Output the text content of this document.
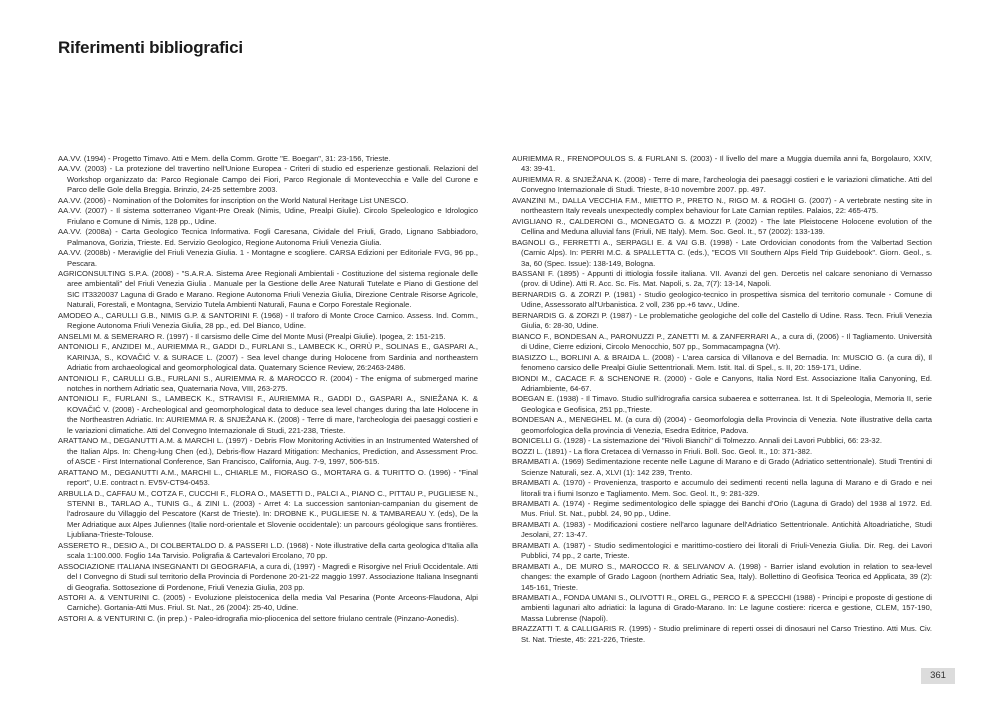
Riferimenti bibliografici

AA.VV. (1994) - Progetto Timavo. Atti e Mem. della Comm. Grotte "E. Boegan", 31: 23-156, Trieste.

AA.VV. (2003) - La protezione del travertino nell'Unione Europea - Criteri di studio ed esperienze gestionali. Relazioni del Workshop organizzato da: Parco Regionale Campo dei Fiori, Parco Regionale di Montevecchia e Valle del Curone e Parco delle Gole della Breggia. Brinzio, 24-25 settembre 2003.

AA.VV. (2006) - Nomination of the Dolomites for inscription on the World Natural Heritage List UNESCO.

AA.VV. (2007) - Il sistema sotterraneo Vigant-Pre Oreak (Nimis, Udine, Prealpi Giulie). Circolo Speleologico e Idrologico Friulano e Comune di Nimis, 128 pp., Udine.

AA.VV. (2008a) - Carta Geologico Tecnica Informativa. Fogli Caresana, Cividale del Friuli, Grado, Lignano Sabbiadoro, Palmanova, Gorizia, Trieste. Ed. Servizio Geologico, Regione Autonoma Friuli Venezia Giulia.

AA.VV. (2008b) - Meraviglie del Friuli Venezia Giulia. 1 - Montagne e scogliere. CARSA Edizioni per Editoriale FVG, 96 pp., Pescara.

AGRICONSULTING S.P.A. (2008) - "S.A.R.A. Sistema Aree Regionali Ambientali - Costituzione del sistema regionale delle aree ambientali" del Friuli Venezia Giulia . Manuale per la Gestione delle Aree Naturali Tutelate e Piano di Gestione del SIC IT3320037 Laguna di Grado e Marano. Regione Autonoma Friuli Venezia Giulia, Direzione Centrale Risorse Agricole, Naturali, Forestali, e Montagna, Servizio Tutela Ambienti Naturali, Fauna e Corpo Forestale Regionale.

AMODEO A., CARULLI G.B., NIMIS G.P. & SANTORINI F. (1968) - Il traforo di Monte Croce Carnico. Assess. Ind. Comm., Regione Autonoma Friuli Venezia Giulia, 28 pp., ed. Del Bianco, Udine.

ANSELMI M. & SEMERARO R. (1997) - Il carsismo delle Cime del Monte Musi (Prealpi Giulie). Ipogea, 2: 151-215.

ANTONIOLI F., ANZIDEI M., AURIEMMA R., GADDI D., FURLANI S., LAMBECK K., ORRÙ P., SOLINAS E., GASPARI A., KARINJA, S., KOVAČIĆ V. & SURACE L. (2007) - Sea level change during Holocene from Sardinia and northeastern Adriatic from archaeological and geomorphological data. Quaternary Science Review, 26:2463-2486.

ANTONIOLI F., CARULLI G.B., FURLANI S., AURIEMMA R. & MAROCCO R. (2004) - The enigma of submerged marine notches in northern Adriatic sea, Quaternaria Nova, VIII, 263-275.

ANTONIOLI F., FURLANI S., LAMBECK K., STRAVISI F., AURIEMMA R., GADDI D., GASPARI A., SNIEŽANA K. & KOVAČIĆ V. (2008) - Archeological and geomorphological data to deduce sea level changes during tha late Holocene in the Northeastren Adriatic. In: AURIEMMA R. & SNJEŽANA K. (2008) - Terre di mare, l'archeologia dei paesaggi costieri e le variazioni climatiche. Atti del Convegno Internazionale di Studi, 221-238, Trieste.

ARATTANO M., DEGANUTTI A.M. & MARCHI L. (1997) - Debris Flow Monitoring Activities in an Instrumented Watershed of the Italian Alps. In: Cheng-lung Chen (ed.), Debris-flow Hazard Mitigation: Mechanics, Prediction, and Assessment Proc. of ASCE - First International Conference, San Francisco, California, Aug. 7-9, 1997, 506-515.

ARATTANO M., DEGANUTTI A.M., MARCHI L., CHIARLE M., FIORASO G., MORTARA G. & TURITTO O. (1996) - "Final report", U.E. contract n. EV5V-CT94-0453.

ARBULLA D., CAFFAU M., COTZA F., CUCCHI F., FLORA O., MASETTI D., PALCI A., PIANO C., PITTAU P., PUGLIESE N., STENNI B., TARLAO A., TUNIS G., & ZINI L. (2003) - Arret 4: La succession santonian-campanian du gisement de l'adrosaure du Villaggio del Pescatore (Karst de Trieste). In: DROBNE K., PUGLIESE N. & TAMBAREAU Y. (eds), De la Mer Adriatique aux Alpes Juliennes (Italie nord-orientale et Slovenie occidentale): un parcours géologique sans frontières. Ljubliana-Trieste-Tolouse.

ASSERETO R., DESIO A., DI COLBERTALDO D. & PASSERI L.D. (1968) - Note illustrative della carta geologica d'Italia alla scala 1:100.000. Foglio 14a Tarvisio. Poligrafia & Cartevalori Ercolano, 70 pp.

ASSOCIAZIONE ITALIANA INSEGNANTI DI GEOGRAFIA, a cura di, (1997) - Magredi e Risorgive nel Friuli Occidentale. Atti del I Convegno di Studi sul territorio della Provincia di Pordenone 20-21-22 maggio 1997. Associazione Italiana Insegnanti di Geografia. Sottosezione di Pordenone, Friuli Venezia Giulia, 203 pp.

ASTORI A. & VENTURINI C. (2005) - Evoluzione pleistocenica della media Val Pesarina (Ponte Arceons-Flaudona, Alpi Carniche). Gortania-Atti Mus. Friul. St. Nat., 26 (2004): 25-40, Udine.

ASTORI A. & VENTURINI C. (in prep.) - Paleo-idrografia mio-pliocenica del settore friulano centrale (Pinzano-Aonedis).

AURIEMMA R., FRENOPOULOS S. & FURLANI S. (2003) - Il livello del mare a Muggia duemila anni fa, Borgolauro, XXIV, 43: 39-41.

AURIEMMA R. & SNJEŽANA K. (2008) - Terre di mare, l'archeologia dei paesaggi costieri e le variazioni climatiche. Atti del Convegno Internazionale di Studi. Trieste, 8-10 novembre 2007. pp. 497.

AVANZINI M., DALLA VECCHIA F.M., MIETTO P., PRETO N., RIGO M. & ROGHI G. (2007) - A vertebrate nesting site in northeastern Italy reveals unexpectedly complex behaviour for Late Carnian reptiles. Palaios, 22: 465-475.

AVIGLIANO R., CALDERONI G., MONEGATO G. & MOZZI P. (2002) - The late Pleistocene Holocene evolution of the Cellina and Meduna alluvial fans (Friuli, NE Italy). Mem. Soc. Geol. It., 57 (2002): 133-139.

BAGNOLI G., FERRETTI A., SERPAGLI E. & VAI G.B. (1998) - Late Ordovician conodonts from the Valbertad Section (Carnic Alps). In: PERRI M.C. & SPALLETTA C. (eds.), "ECOS VII Southern Alps Field Trip Guidebook". Giorn. Geol., s. 3a, 60 (Spec. Issue): 138-149, Bologna.

BASSANI F. (1895) - Appunti di ittiologia fossile italiana. VII. Avanzi del gen. Dercetis nel calcare senoniano di Vernasso (prov. di Udine). Atti R. Acc. Sc. Fis. Mat. Napoli, s. 2a, 7(7): 13-14, Napoli.

BERNARDIS G. & ZORZI P. (1981) - Studio geologico-tecnico in prospettiva sismica del territorio comunale - Comune di Udine, Assessorato all'Urbanistica. 2 voll, 236 pp.+6 tavv., Udine.

BERNARDIS G. & ZORZI P. (1987) - Le problematiche geologiche del colle del Castello di Udine. Rass. Tecn. Friuli Venezia Giulia, 6: 28-30, Udine.

BIANCO F., BONDESAN A., PARONUZZI P., ZANETTI M. & ZANFERRARI A., a cura di, (2006) - Il Tagliamento. Università di Udine, Cierre edizioni, Circolo Menocchio, 507 pp., Sommacampagna (Vr).

BIASIZZO L., BORLINI A. & BRAIDA L. (2008) - L'area carsica di Villanova e del Bernadia. In: MUSCIO G. (a cura di), Il fenomeno carsico delle Prealpi Giulie Settentrionali. Mem. Istit. Ital. di Spel., s. II, 20: 159-171, Udine.

BIONDI M., CACACE F. & SCHENONE R. (2000) - Gole e Canyons, Italia Nord Est. Associazione Italia Canyoning, Ed. Adriambiente, 64-67.

BOEGAN E. (1938) - Il Timavo. Studio sull'idrografia carsica subaerea e sotterranea. Ist. It di Speleologia, Memoria II, serie Geologica e Geofisica, 251 pp.,Trieste.

BONDESAN A., MENEGHEL M. (a cura di) (2004) - Geomorfologia della Provincia di Venezia. Note illustrative della carta geomorfologica della provincia di Venezia, Esedra Editrice, Padova.

BONICELLI G. (1928) - La sistemazione dei "Rivoli Bianchi" di Tolmezzo. Annali dei Lavori Pubblici, 66: 23-32.

BOZZI L. (1891) - La flora Cretacea di Vernasso in Friuli. Boll. Soc. Geol. It., 10: 371-382.

BRAMBATI A. (1969) Sedimentazione recente nelle Lagune di Marano e di Grado (Adriatico settentrionale). Studi Trentini di Scienze Naturali, sez. A, XLVI (1): 142 239, Trento.

BRAMBATI A. (1970) - Provenienza, trasporto e accumulo dei sedimenti recenti nella laguna di Marano e di Grado e nei litorali tra i fiumi Isonzo e Tagliamento. Mem. Soc. Geol. It., 9: 281-329.

BRAMBATI A. (1974) - Regime sedimentologico delle spiagge dei Banchi d'Orio (Laguna di Grado) del 1938 al 1972. Ed. Mus. Friul. St. Nat., pubbl. 24, 90 pp., Udine.

BRAMBATI A. (1983) - Modificazioni costiere nell'arco lagunare dell'Adriatico Settentrionale. Antichità Altoadriatiche, Studi Jesolani, 27: 13-47.

BRAMBATI A. (1987) - Studio sedimentologici e marittimo-costiero dei litorali di Friuli-Venezia Giulia. Dir. Reg. dei Lavori Pubblici, 74 pp., 2 carte, Trieste.

BRAMBATI A., DE MURO S., MAROCCO R. & SELIVANOV A. (1998) - Barrier island evolution in relation to sea-level changes: the example of Grado Lagoon (northern Adriatic Sea, Italy). Bollettino di Geofisica Teorica ed Applicata, 39 (2): 145-161, Trieste.

BRAMBATI A., FONDA UMANI S., OLIVOTTI R., OREL G., PERCO F. & SPECCHI (1988) - Principi e proposte di gestione di ambienti lagunari alto adriatici: la laguna di Grado-Marano. In: Le lagune costiere: ricerca e gestione, CLEM, 157-190, Massa Lubrense (Napoli).

BRAZZATTI T. & CALLIGARIS R. (1995) - Studio preliminare di reperti ossei di dinosauri nel Carso Triestino. Atti Mus. Civ. St. Nat. Trieste, 45: 221-226, Trieste.

361
